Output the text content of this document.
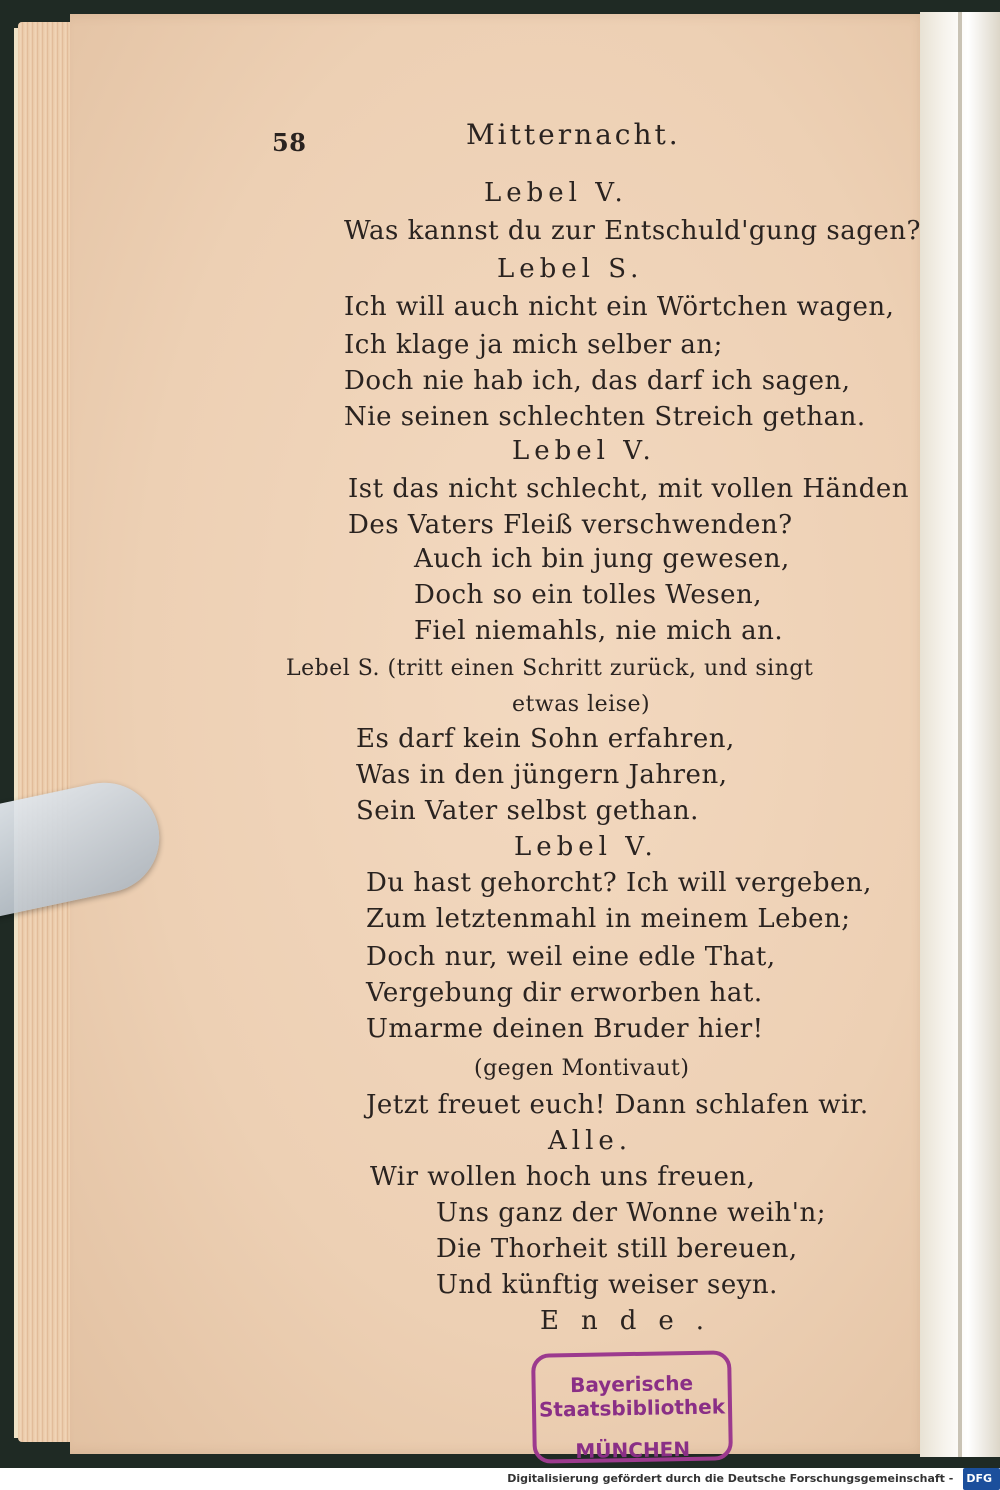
58	Mitternacht.
Lebel V.
Was kannst du zur Entschuld'gung sagen?
Lebel S.
Ich will auch nicht ein Wörtchen wagen,
Ich klage ja mich selber an;
Doch nie hab ich, das darf ich sagen,
Nie seinen schlechten Streich gethan.
Lebel V.
Ist das nicht schlecht, mit vollen Händen
Des Vaters Fleiß verschwenden?
Auch ich bin jung gewesen,
Doch so ein tolles Wesen,
Fiel niemahls, nie mich an.
Lebel S. (tritt einen Schritt zurück, und singt
etwas leise)
Es darf kein Sohn erfahren,
Was in den jüngern Jahren,
Sein Vater selbst gethan.
Lebel V.
Du hast gehorcht? Ich will vergeben,
Zum letztenmahl in meinem Leben;
Doch nur, weil eine edle That,
Vergebung dir erworben hat.
Umarme deinen Bruder hier!
(gegen Montivaut)
Jetzt freuet euch! Dann schlafen wir.
Alle.
Wir wollen hoch uns freuen,
Uns ganz der Wonne weih'n;
Die Thorheit still bereuen,
Und künftig weiser seyn.
Ende.
Bayerische
Staatsbibliothek
MÜNCHEN
Digitalisierung gefördert durch die Deutsche Forschungsgemeinschaft - DFG
